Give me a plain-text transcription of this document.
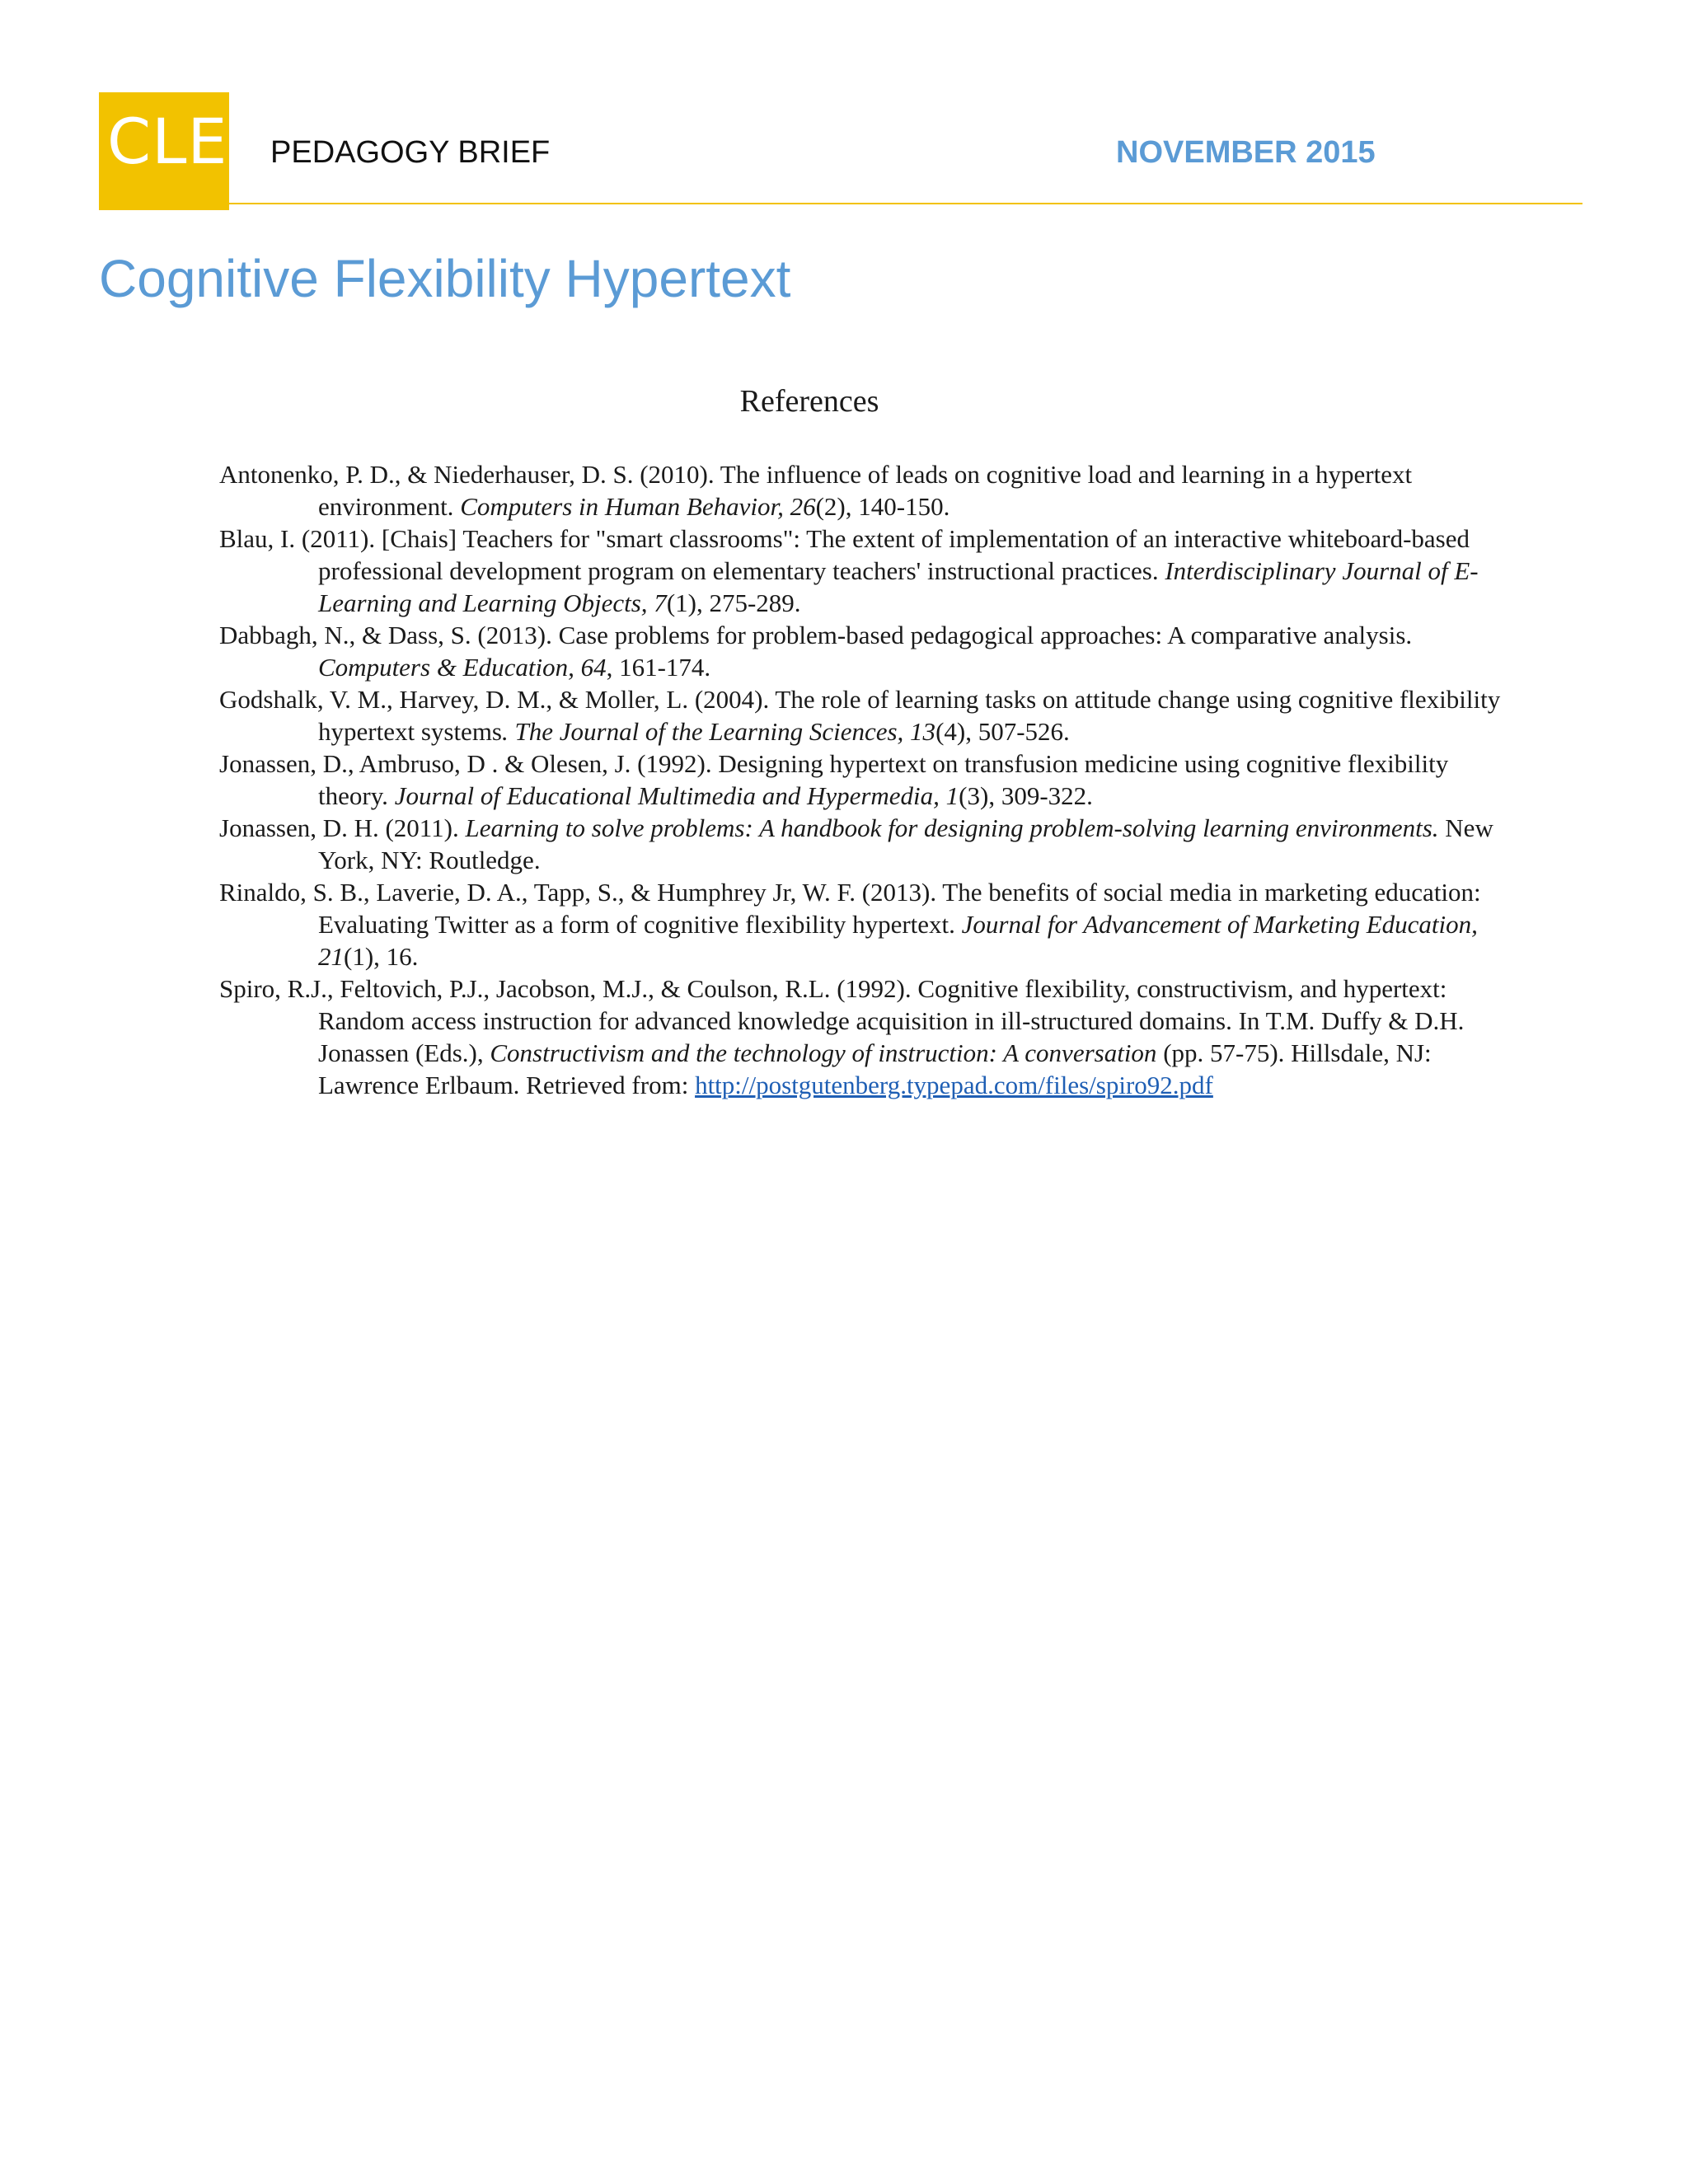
CLE PEDAGOGY BRIEF	NOVEMBER 2015
Cognitive Flexibility Hypertext
References
Antonenko, P. D., & Niederhauser, D. S. (2010). The influence of leads on cognitive load and learning in a hypertext environment. Computers in Human Behavior, 26(2), 140-150.
Blau, I. (2011). [Chais] Teachers for "smart classrooms": The extent of implementation of an interactive whiteboard-based professional development program on elementary teachers' instructional practices. Interdisciplinary Journal of E- Learning and Learning Objects, 7(1), 275-289.
Dabbagh, N., & Dass, S. (2013). Case problems for problem-based pedagogical approaches: A comparative analysis. Computers & Education, 64, 161-174.
Godshalk, V. M., Harvey, D. M., & Moller, L. (2004). The role of learning tasks on attitude change using cognitive flexibility hypertext systems. The Journal of the Learning Sciences, 13(4), 507-526.
Jonassen, D., Ambruso, D . & Olesen, J. (1992). Designing hypertext on transfusion medicine using cognitive flexibility theory. Journal of Educational Multimedia and Hypermedia, 1(3), 309-322.
Jonassen, D. H. (2011). Learning to solve problems: A handbook for designing problem-solving learning environments. New York, NY: Routledge.
Rinaldo, S. B., Laverie, D. A., Tapp, S., & Humphrey Jr, W. F. (2013). The benefits of social media in marketing education: Evaluating Twitter as a form of cognitive flexibility hypertext. Journal for Advancement of Marketing Education, 21(1), 16.
Spiro, R.J., Feltovich, P.J., Jacobson, M.J., & Coulson, R.L. (1992). Cognitive flexibility, constructivism, and hypertext: Random access instruction for advanced knowledge acquisition in ill-structured domains. In T.M. Duffy & D.H. Jonassen (Eds.), Constructivism and the technology of instruction: A conversation (pp. 57-75). Hillsdale, NJ: Lawrence Erlbaum. Retrieved from: http://postgutenberg.typepad.com/files/spiro92.pdf
